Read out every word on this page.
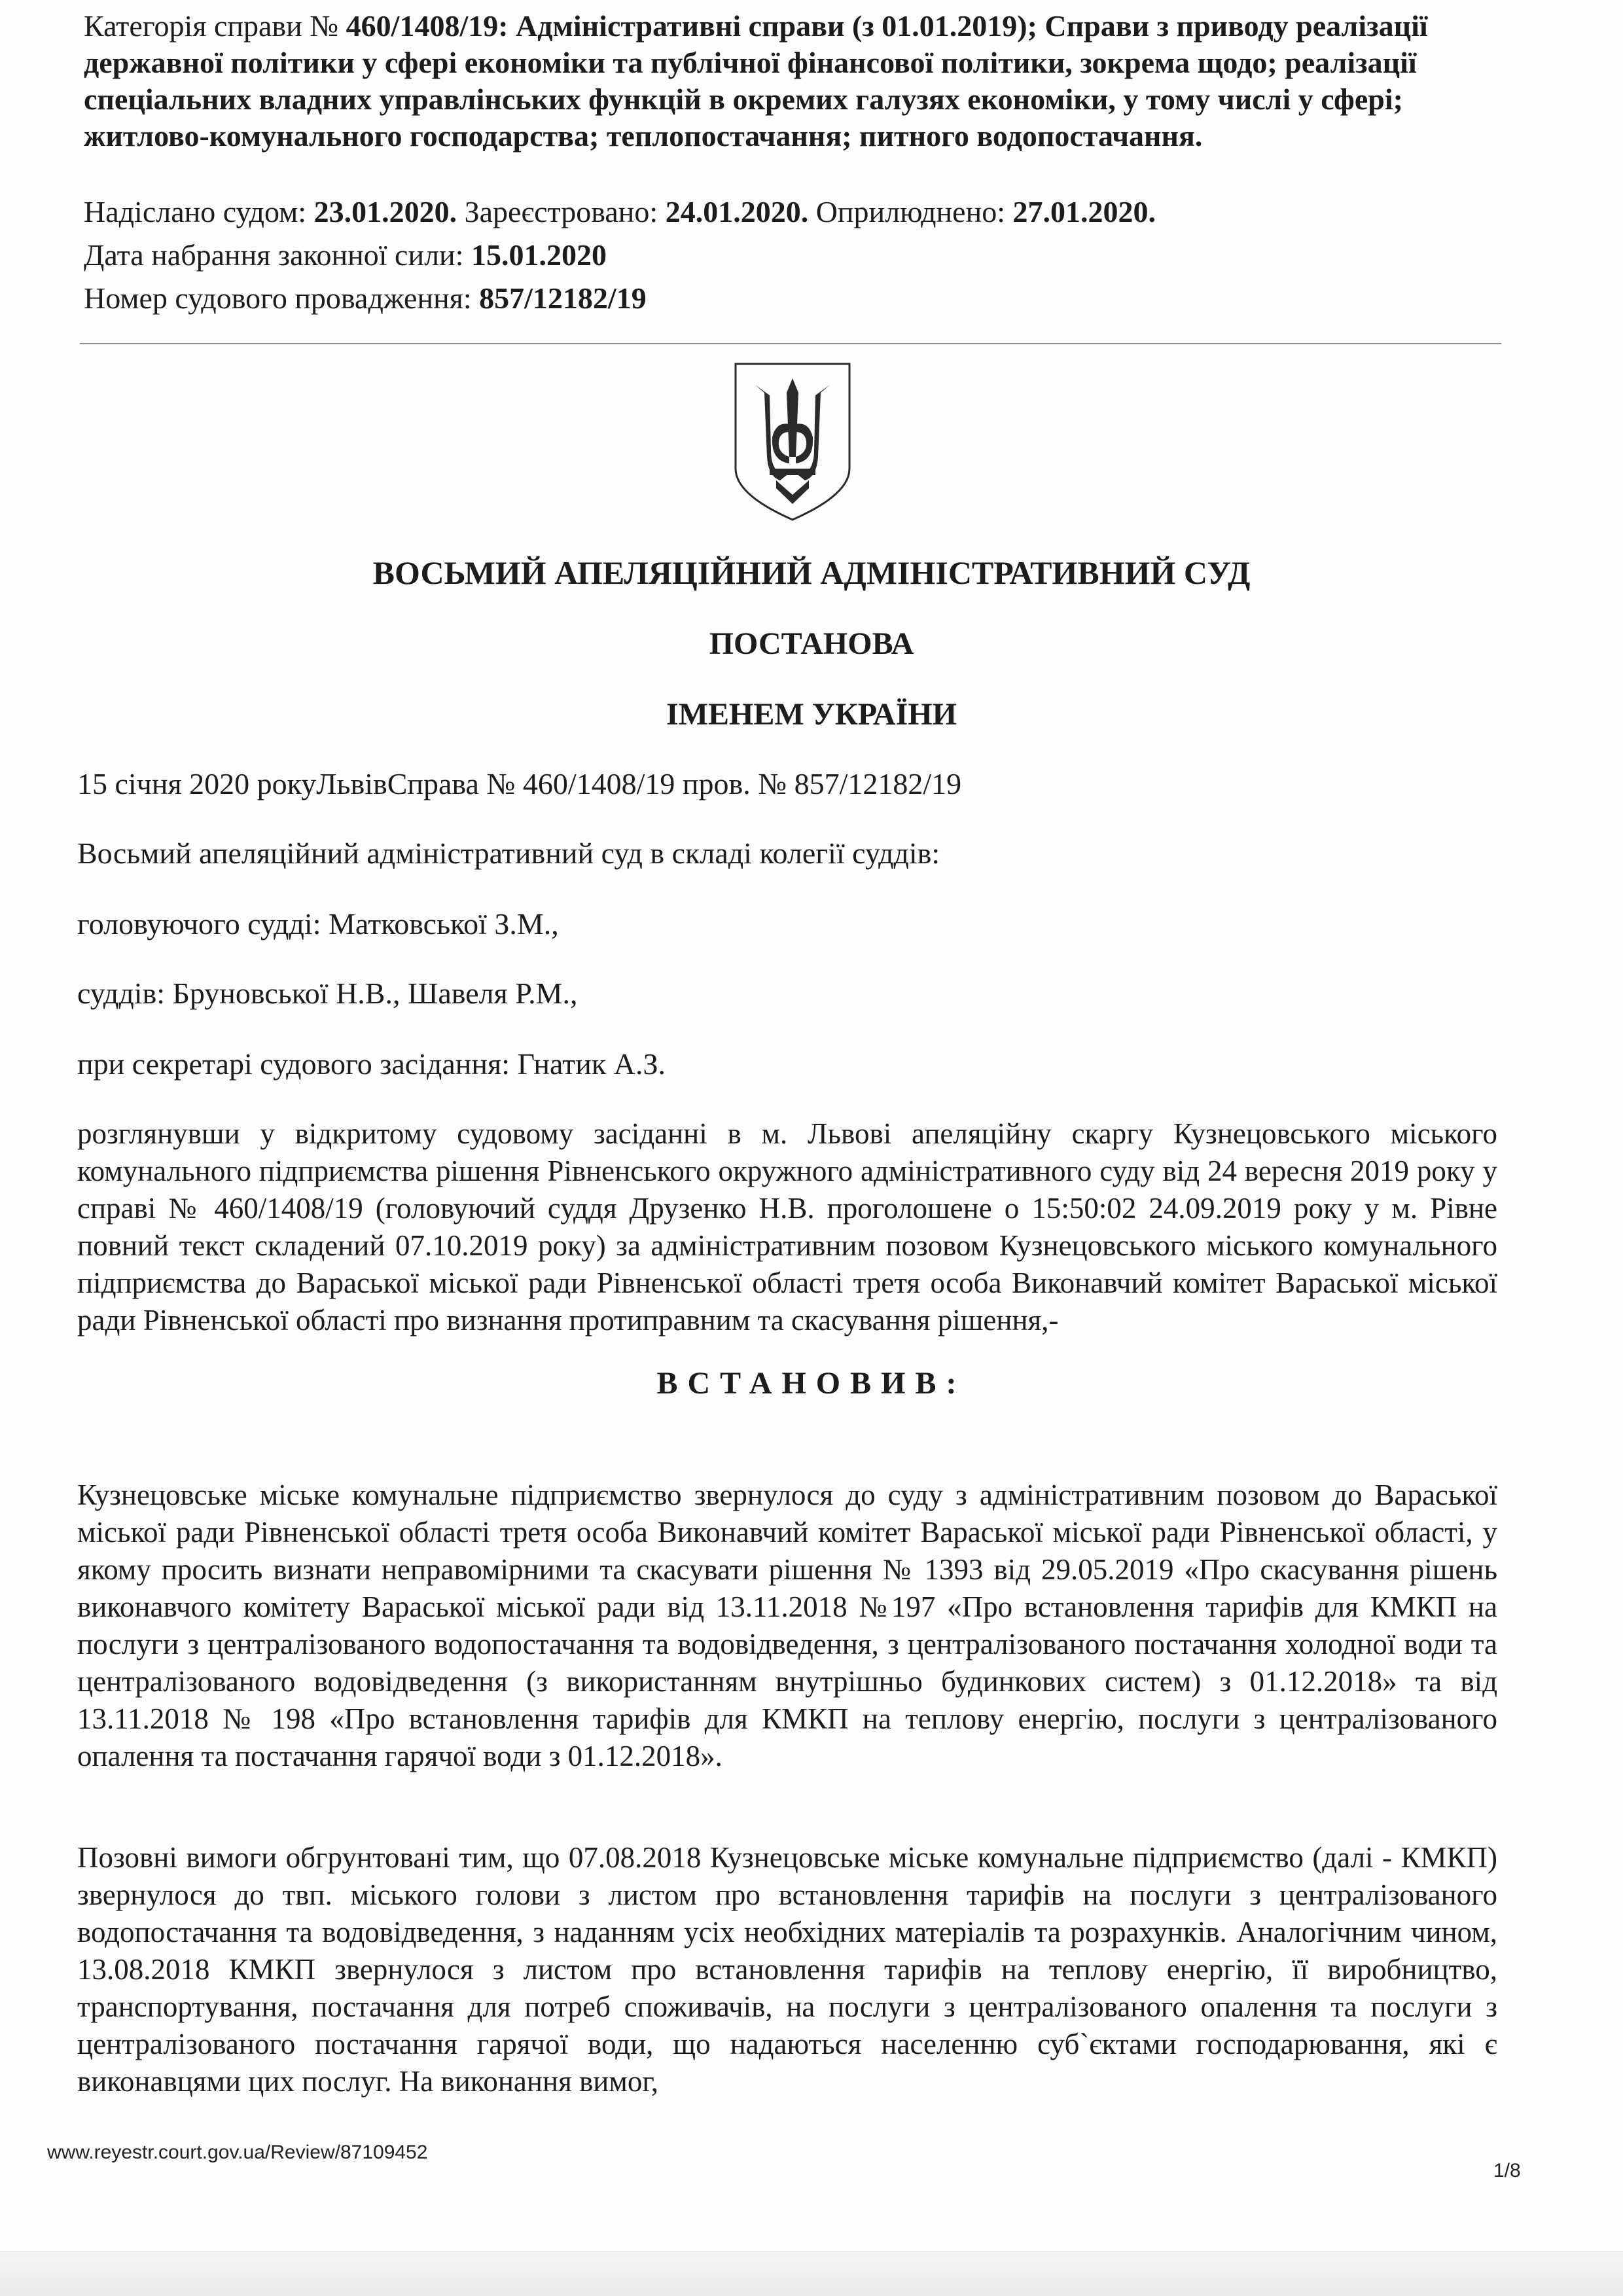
Категорія справи № 460/1408/19: Адміністративні справи (з 01.01.2019); Справи з приводу реалізації державної політики у сфері економіки та публічної фінансової політики, зокрема щодо; реалізації спеціальних владних управлінських функцій в окремих галузях економіки, у тому числі у сфері; житлово-комунального господарства; теплопостачання; питного водопостачання.
Надіслано судом: 23.01.2020. Зареєстровано: 24.01.2020. Оприлюднено: 27.01.2020.
Дата набрання законної сили: 15.01.2020
Номер судового провадження: 857/12182/19
ВОСЬМИЙ АПЕЛЯЦІЙНИЙ АДМІНІСТРАТИВНИЙ СУД
ПОСТАНОВА
ІМЕНЕМ УКРАЇНИ
15 січня 2020 рокуЛьвівСправа № 460/1408/19 пров. № 857/12182/19
Восьмий апеляційний адміністративний суд в складі колегії суддів:
головуючого судді: Матковської З.М.,
суддів: Бруновської Н.В., Шавеля Р.М.,
при секретарі судового засідання: Гнатик А.З.
розглянувши у відкритому судовому засіданні в м. Львові апеляційну скаргу Кузнецовського міського комунального підприємства рішення Рівненського окружного адміністративного суду від 24 вересня 2019 року у справі № 460/1408/19 (головуючий суддя Друзенко Н.В. проголошене о 15:50:02 24.09.2019 року у м. Рівне повний текст складений 07.10.2019 року) за адміністративним позовом Кузнецовського міського комунального підприємства до Вараської міської ради Рівненської області третя особа Виконавчий комітет Вараської міської ради Рівненської області про визнання протиправним та скасування рішення,-
ВСТАНОВИВ:
Кузнецовське міське комунальне підприємство звернулося до суду з адміністративним позовом до Вараської міської ради Рівненської області третя особа Виконавчий комітет Вараської міської ради Рівненської області, у якому просить визнати неправомірними та скасувати рішення № 1393 від 29.05.2019 «Про скасування рішень виконавчого комітету Вараської міської ради від 13.11.2018 №197 «Про встановлення тарифів для КМКП на послуги з централізованого водопостачання та водовідведення, з централізованого постачання холодної води та централізованого водовідведення (з використанням внутрішньо будинкових систем) з 01.12.2018» та від 13.11.2018 № 198 «Про встановлення тарифів для КМКП на теплову енергію, послуги з централізованого опалення та постачання гарячої води з 01.12.2018».
Позовні вимоги обгрунтовані тим, що 07.08.2018 Кузнецовське міське комунальне підприємство (далі - КМКП) звернулося до твп. міського голови з листом про встановлення тарифів на послуги з централізованого водопостачання та водовідведення, з наданням усіх необхідних матеріалів та розрахунків. Аналогічним чином, 13.08.2018 КМКП звернулося з листом про встановлення тарифів на теплову енергію, її виробництво, транспортування, постачання для потреб споживачів, на послуги з централізованого опалення та послуги з централізованого постачання гарячої води, що надаються населенню суб`єктами господарювання, які є виконавцями цих послуг. На виконання вимог,
www.reyestr.court.gov.ua/Review/87109452
1/8
